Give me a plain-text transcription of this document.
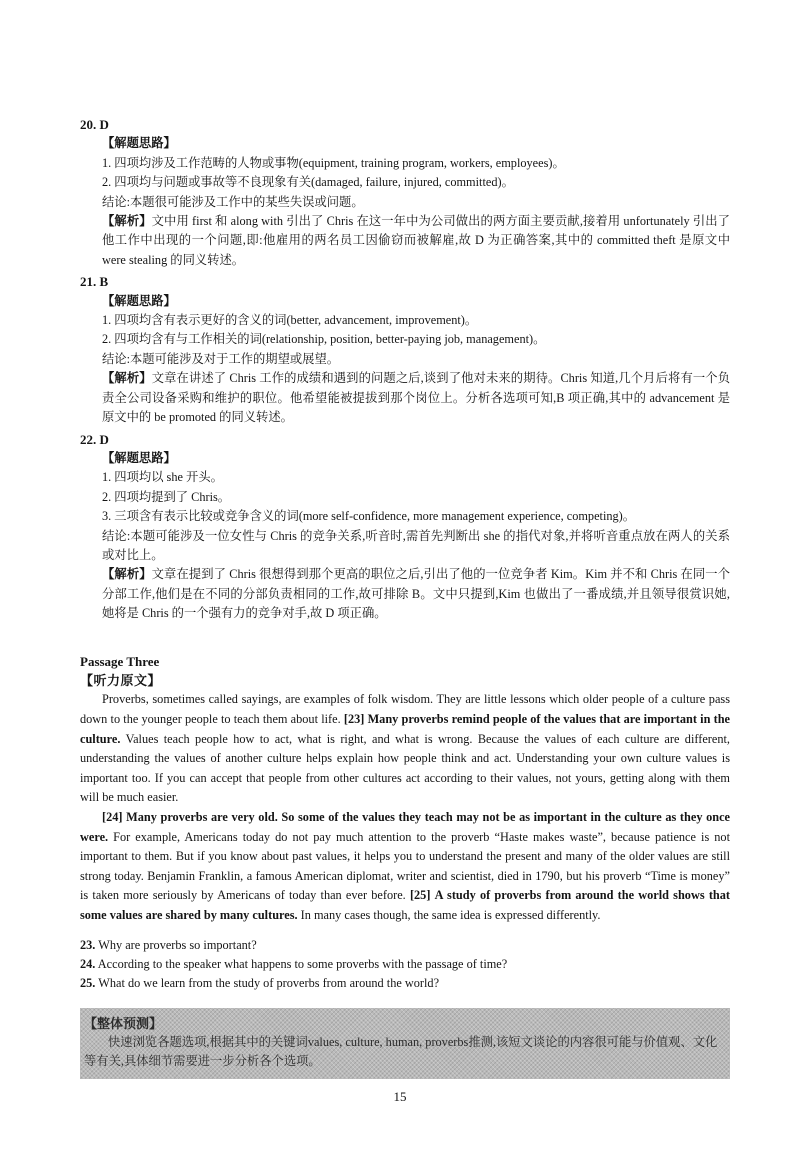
20. D
【解题思路】
1. 四项均涉及工作范畴的人物或事物(equipment, training program, workers, employees)。
2. 四项均与问题或事故等不良现象有关(damaged, failure, injured, committed)。
结论:本题很可能涉及工作中的某些失误或问题。
【解析】文中用 first 和 along with 引出了 Chris 在这一年中为公司做出的两方面主要贡献,接着用 unfortunately 引出了他工作中出现的一个问题,即:他雇用的两名员工因偷窃而被解雇,故 D 为正确答案,其中的 committed theft 是原文中 were stealing 的同义转述。
21. B
【解题思路】
1. 四项均含有表示更好的含义的词(better, advancement, improvement)。
2. 四项均含有与工作相关的词(relationship, position, better-paying job, management)。
结论:本题可能涉及对于工作的期望或展望。
【解析】文章在讲述了 Chris 工作的成绩和遇到的问题之后,谈到了他对未来的期待。Chris 知道,几个月后将有一个负责全公司设备采购和维护的职位。他希望能被提拔到那个岗位上。分析各选项可知,B 项正确,其中的 advancement 是原文中的 be promoted 的同义转述。
22. D
【解题思路】
1. 四项均以 she 开头。
2. 四项均提到了 Chris。
3. 三项含有表示比较或竞争含义的词(more self-confidence, more management experience, competing)。
结论:本题可能涉及一位女性与 Chris 的竞争关系,听音时,需首先判断出 she 的指代对象,并将听音重点放在两人的关系或对比上。
【解析】文章在提到了 Chris 很想得到那个更高的职位之后,引出了他的一位竞争者 Kim。Kim 并不和 Chris 在同一个分部工作,他们是在不同的分部负责相同的工作,故可排除 B。文中只提到,Kim 也做出了一番成绩,并且领导很赏识她,她将是 Chris 的一个强有力的竞争对手,故 D 项正确。
Passage Three
【听力原文】

Proverbs, sometimes called sayings, are examples of folk wisdom. They are little lessons which older people of a culture pass down to the younger people to teach them about life. [23] Many proverbs remind people of the values that are important in the culture. Values teach people how to act, what is right, and what is wrong. Because the values of each culture are different, understanding the values of another culture helps explain how people think and act. Understanding your own culture values is important too. If you can accept that people from other cultures act according to their values, not yours, getting along with them will be much easier.

[24] Many proverbs are very old. So some of the values they teach may not be as important in the culture as they once were. For example, Americans today do not pay much attention to the proverb “Haste makes waste”, because patience is not important to them. But if you know about past values, it helps you to understand the present and many of the older values are still strong today. Benjamin Franklin, a famous American diplomat, writer and scientist, died in 1790, but his proverb “Time is money” is taken more seriously by Americans of today than ever before. [25] A study of proverbs from around the world shows that some values are shared by many cultures. In many cases though, the same idea is expressed differently.

23. Why are proverbs so important?
24. According to the speaker what happens to some proverbs with the passage of time?
25. What do we learn from the study of proverbs from around the world?
【整体预测】
快速浏览各题选项,根据其中的关键词values, culture, human, proverbs推测,该短文谈论的内容很可能与价值观、文化等有关,具体细节需要进一步分析各个选项。
15
